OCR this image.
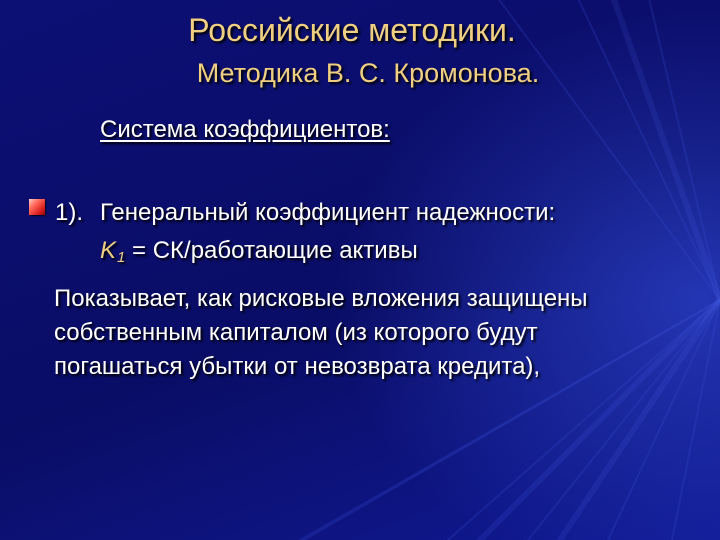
Российские методики.
Методика В. С. Кромонова.
Система коэффициентов:
1). Генеральный коэффициент надежности:
$K_1$ = СК/работающие активы
Показывает, как рисковые вложения защищены
собственным капиталом (из которого будут
погашаться убытки от невозврата кредита),
